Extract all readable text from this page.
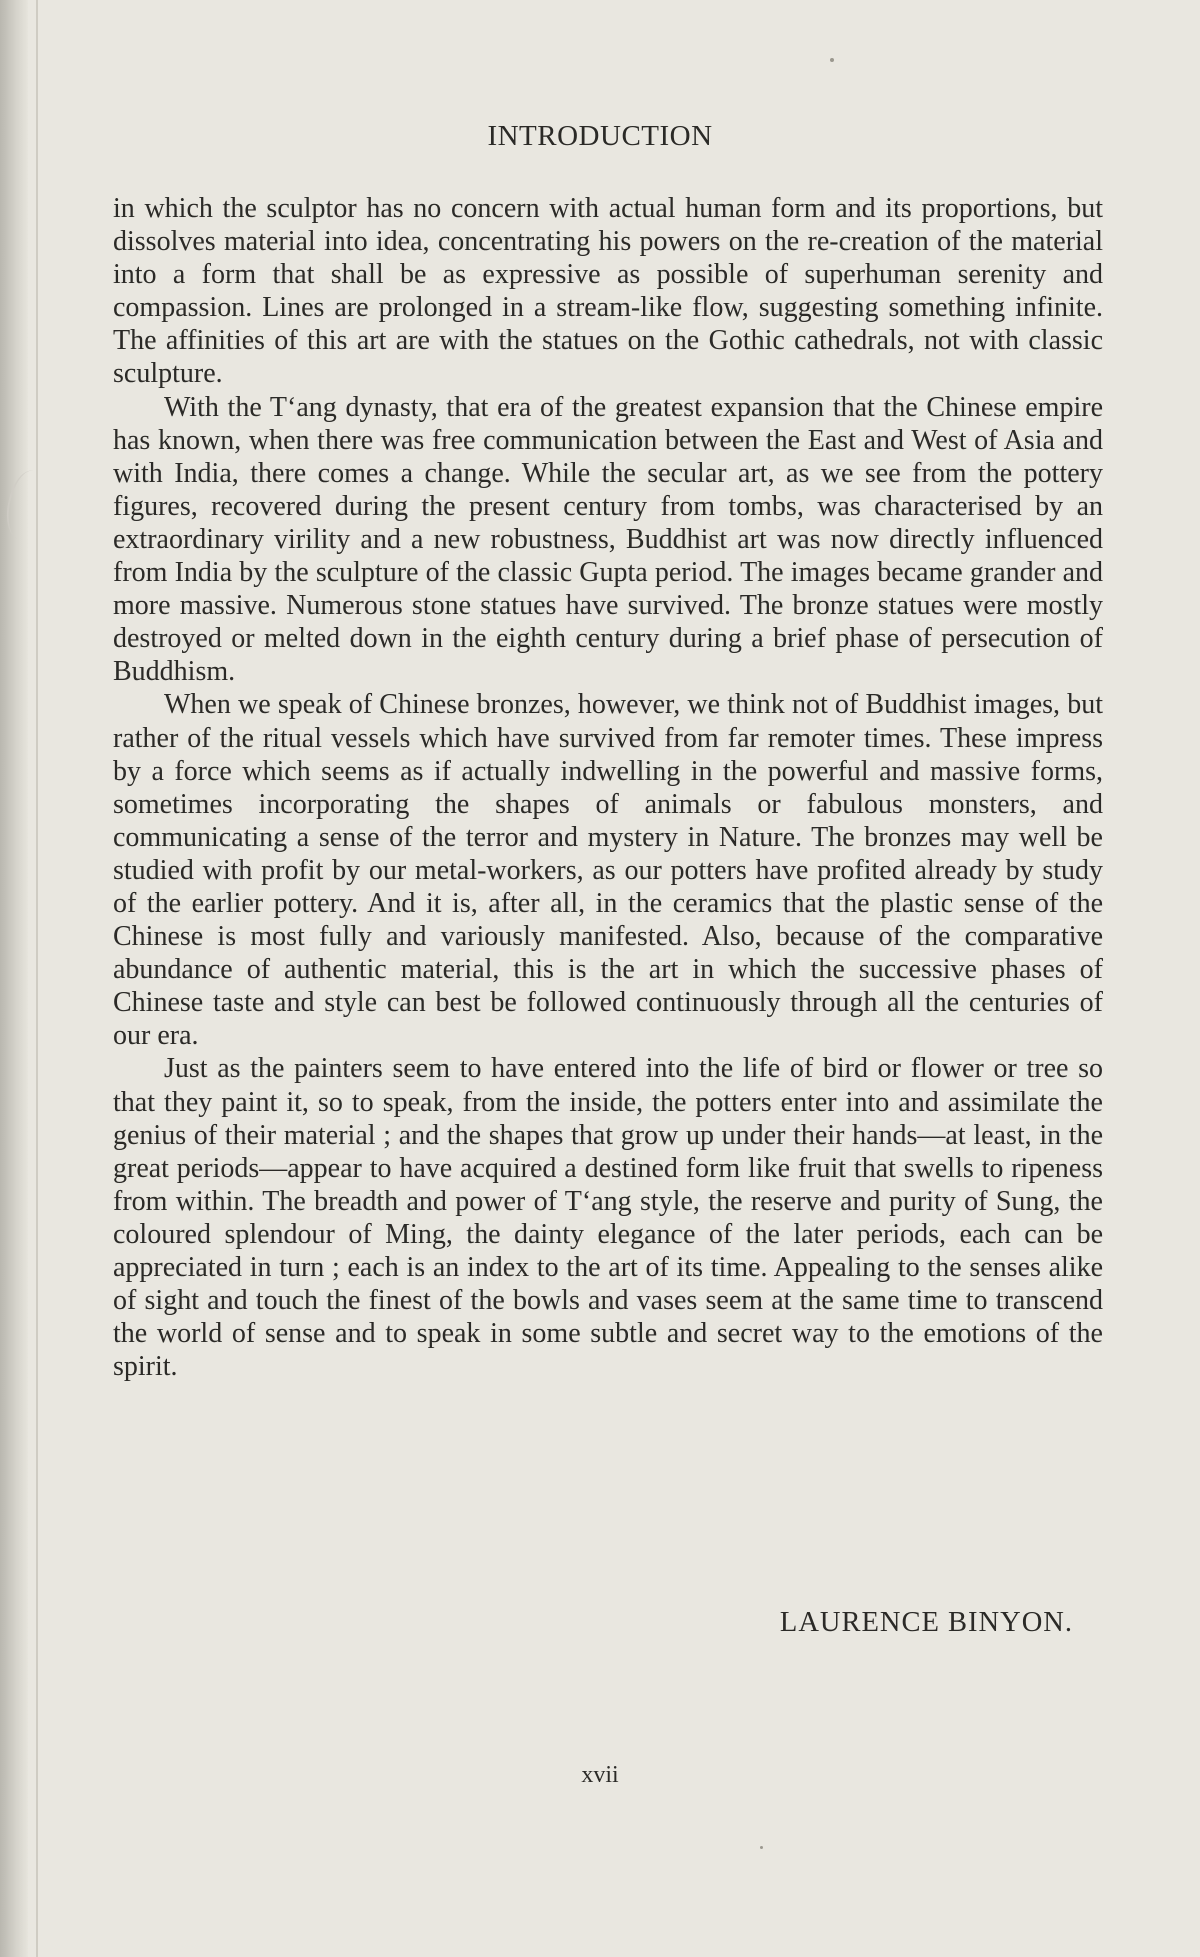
INTRODUCTION

in which the sculptor has no concern with actual human form and its proportions, but dissolves material into idea, concentrating his powers on the re-creation of the material into a form that shall be as expressive as possible of superhuman serenity and compassion. Lines are prolonged in a stream-like flow, suggesting something infinite. The affinities of this art are with the statues on the Gothic cathedrals, not with classic sculpture.

With the T‘ang dynasty, that era of the greatest expansion that the Chinese empire has known, when there was free communication between the East and West of Asia and with India, there comes a change. While the secular art, as we see from the pottery figures, recovered during the present century from tombs, was characterised by an extraordinary virility and a new robustness, Buddhist art was now directly influenced from India by the sculpture of the classic Gupta period. The images became grander and more massive. Numerous stone statues have survived. The bronze statues were mostly destroyed or melted down in the eighth century during a brief phase of persecution of Buddhism.

When we speak of Chinese bronzes, however, we think not of Buddhist images, but rather of the ritual vessels which have survived from far remoter times. These impress by a force which seems as if actually indwelling in the powerful and massive forms, sometimes incorporating the shapes of animals or fabulous monsters, and communicating a sense of the terror and mystery in Nature. The bronzes may well be studied with profit by our metal-workers, as our potters have profited already by study of the earlier pottery. And it is, after all, in the ceramics that the plastic sense of the Chinese is most fully and variously manifested. Also, because of the comparative abundance of authentic material, this is the art in which the successive phases of Chinese taste and style can best be followed continuously through all the centuries of our era.

Just as the painters seem to have entered into the life of bird or flower or tree so that they paint it, so to speak, from the inside, the potters enter into and assimilate the genius of their material ; and the shapes that grow up under their hands—at least, in the great periods—appear to have acquired a destined form like fruit that swells to ripeness from within. The breadth and power of T‘ang style, the reserve and purity of Sung, the coloured splendour of Ming, the dainty elegance of the later periods, each can be appreciated in turn ; each is an index to the art of its time. Appealing to the senses alike of sight and touch the finest of the bowls and vases seem at the same time to transcend the world of sense and to speak in some subtle and secret way to the emotions of the spirit.

LAURENCE BINYON.
xvii
